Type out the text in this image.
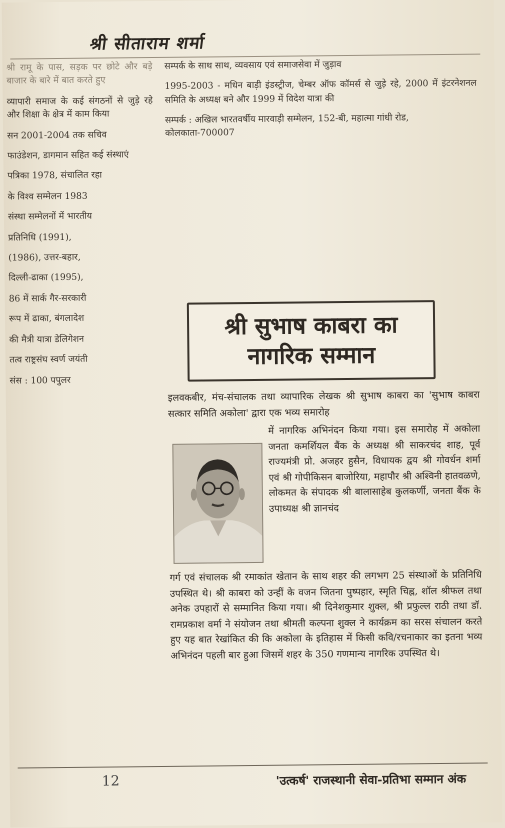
श्री सीताराम शर्मा

श्री रामू के पास, सड़क पर छोटे और बड़े बाजार के बारे में बात करते हुए

व्यापारी समाज के कई संगठनों से जुड़े रहे और शिक्षा के क्षेत्र में काम किया

सन 2001-2004 तक सचिव

फाउंडेशन, डागमान सहित कई संस्थाएं

पत्रिका 1978, संचालित रहा

के विश्व सम्मेलन 1983

संस्था सम्मेलनों में भारतीय

प्रतिनिधि (1991),

(1986), उत्तर-बहार,

दिल्ली-ढाका (1995),

86 में सार्क गैर-सरकारी

रूप में ढाका, बंगलादेश

की मैत्री यात्रा डेलिगेशन

तत्व राष्ट्रसंघ स्वर्ण जयंती

संस : 100 पपुलर

सम्पर्क के साथ साथ, व्यवसाय एवं समाजसेवा में जुड़ाव

1995-2003 - मधिन बाड़ी इंडस्ट्रीज, चेम्बर ऑफ कॉमर्स से जुड़े रहे, 2000 में इंटरनेशनल समिति के अध्यक्ष बने और 1999 में विदेश यात्रा की

सम्पर्क : अखिल भारतवर्षीय मारवाड़ी सम्मेलन, 152-बी, महात्मा गांधी रोड, कोलकाता-700007

श्री सुभाष काबरा का
नागरिक सम्मान

इलवकबीर, मंच-संचालक तथा व्यापारिक लेखक श्री सुभाष काबरा का 'सुभाष काबरा सत्कार समिति अकोला' द्वारा एक भव्य समारोह

में नागरिक अभिनंदन किया गया। इस समारोह में अकोला जनता कमर्शियल बैंक के अध्यक्ष श्री साकरचंद शाह, पूर्व राज्यमंत्री प्रो. अजहर हुसैन, विधायक द्वय श्री गोवर्धन शर्मा एवं श्री गोपीकिसन बाजोरिया, महापौर श्री अश्विनी हातवळणे, लोकमत के संपादक श्री बालासाहेब कुलकर्णी, जनता बैंक के उपाध्यक्ष श्री ज्ञानचंद

गर्ग एवं संचालक श्री रमाकांत खेतान के साथ शहर की लगभग 25 संस्थाओं के प्रतिनिधि उपस्थित थे। श्री काबरा को उन्हीं के वजन जितना पुष्पहार, स्मृति चिह्न, शॉल श्रीफल तथा अनेक उपहारों से सम्मानित किया गया। श्री दिनेशकुमार शुक्ल, श्री प्रफुल्ल राठी तथा डॉ. रामप्रकाश वर्मा ने संयोजन तथा श्रीमती कल्पना शुक्ल ने कार्यक्रम का सरस संचालन करते हुए यह बात रेखांकित की कि अकोला के इतिहास में किसी कवि/रचनाकार का इतना भव्य अभिनंदन पहली बार हुआ जिसमें शहर के 350 गणमान्य नागरिक उपस्थित थे।

12	'उत्कर्ष' राजस्थानी सेवा-प्रतिभा सम्मान अंक
